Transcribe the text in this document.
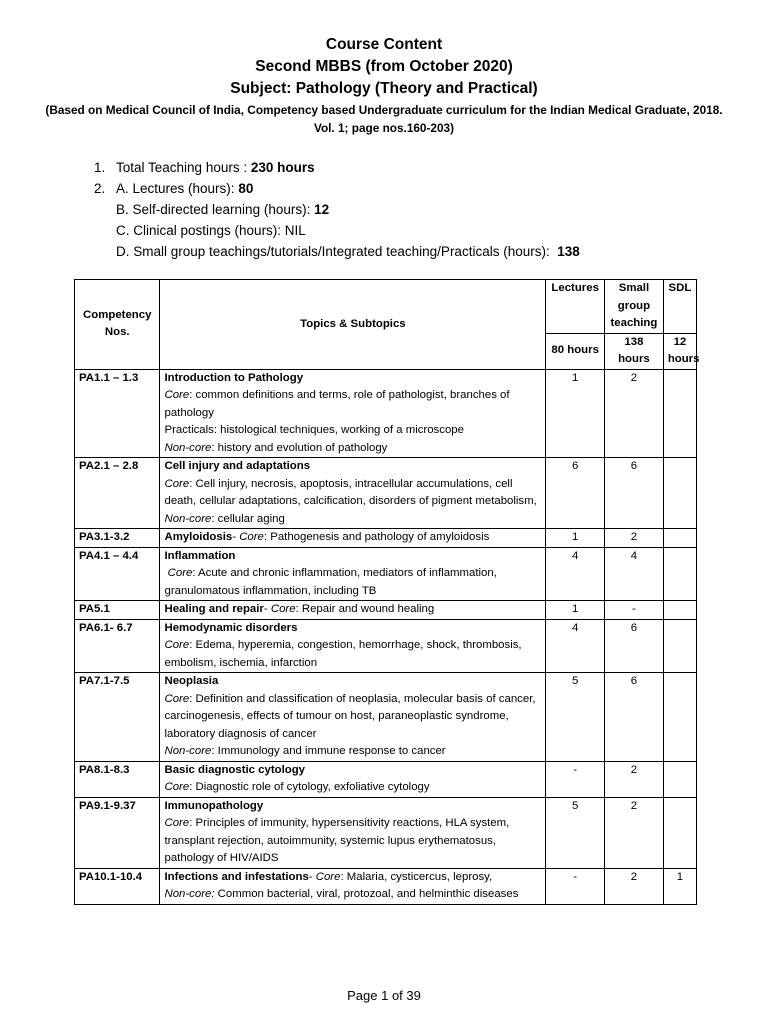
Course Content
Second MBBS (from October 2020)
Subject: Pathology (Theory and Practical)
(Based on Medical Council of India, Competency based Undergraduate curriculum for the Indian Medical Graduate, 2018. Vol. 1; page nos.160-203)
1. Total Teaching hours : 230 hours
2. A. Lectures (hours): 80
B. Self-directed learning (hours): 12
C. Clinical postings (hours): NIL
D. Small group teachings/tutorials/Integrated teaching/Practicals (hours): 138
Competency Nos.	Topics & Subtopics	Lectures	Small group teaching	SDL
		80 hours	138 hours	12 hours
PA1.1 – 1.3	Introduction to Pathology
Core: common definitions and terms, role of pathologist, branches of pathology
Practicals: histological techniques, working of a microscope
Non-core: history and evolution of pathology	1	2	
PA2.1 – 2.8	Cell injury and adaptations
Core: Cell injury, necrosis, apoptosis, intracellular accumulations, cell death, cellular adaptations, calcification, disorders of pigment metabolism, Non-core: cellular aging	6	6	
PA3.1-3.2	Amyloidosis- Core: Pathogenesis and pathology of amyloidosis	1	2	
PA4.1 – 4.4	Inflammation
Core: Acute and chronic inflammation, mediators of inflammation, granulomatous inflammation, including TB	4	4	
PA5.1	Healing and repair- Core: Repair and wound healing	1	-	
PA6.1- 6.7	Hemodynamic disorders
Core: Edema, hyperemia, congestion, hemorrhage, shock, thrombosis, embolism, ischemia, infarction	4	6	
PA7.1-7.5	Neoplasia
Core: Definition and classification of neoplasia, molecular basis of cancer, carcinogenesis, effects of tumour on host, paraneoplastic syndrome, laboratory diagnosis of cancer
Non-core: Immunology and immune response to cancer	5	6	
PA8.1-8.3	Basic diagnostic cytology
Core: Diagnostic role of cytology, exfoliative cytology	-	2	
PA9.1-9.37	Immunopathology
Core: Principles of immunity, hypersensitivity reactions, HLA system, transplant rejection, autoimmunity, systemic lupus erythematosus, pathology of HIV/AIDS	5	2	
PA10.1-10.4	Infections and infestations- Core: Malaria, cysticercus, leprosy,
Non-core: Common bacterial, viral, protozoal, and helminthic diseases	-	2	1
Page 1 of 39
